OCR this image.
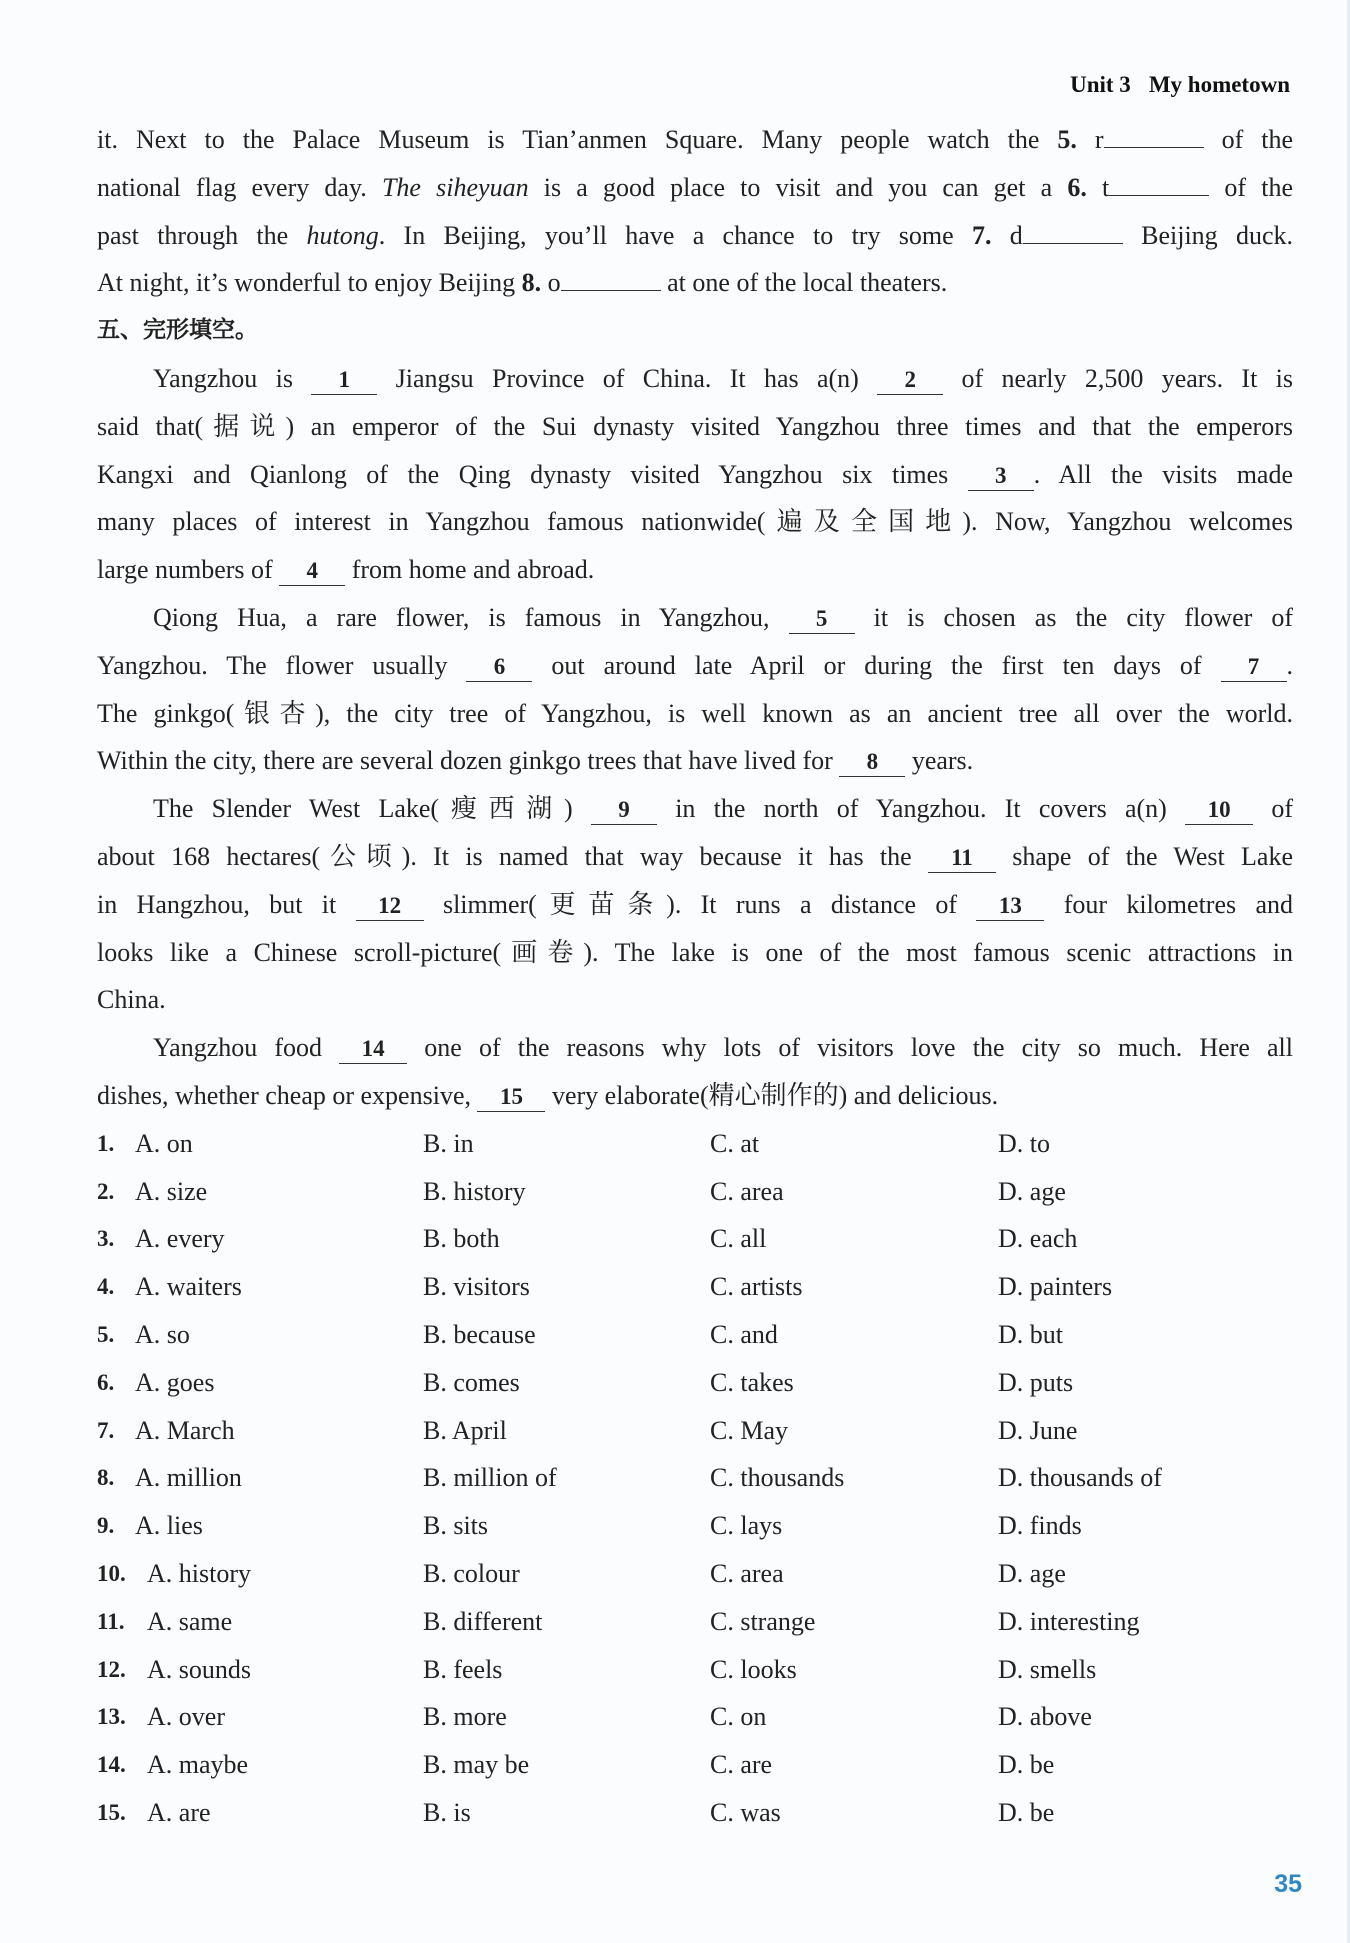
Unit 3 My hometown
it. Next to the Palace Museum is Tian’anmen Square. Many people watch the 5. r	of the
national flag every day. The siheyuan is a good place to visit and you can get a 6. t	of the
past through the hutong. In Beijing, you’ll have a chance to try some 7. d	Beijing duck.
At night, it’s wonderful to enjoy Beijing 8. o	at one of the local theaters.
五、完形填空。
Yangzhou is 1 Jiangsu Province of China. It has a(n) 2 of nearly 2,500 years. It is
said that(据说) an emperor of the Sui dynasty visited Yangzhou three times and that the emperors
Kangxi and Qianlong of the Qing dynasty visited Yangzhou six times 3 . All the visits made
many places of interest in Yangzhou famous nationwide(遍及全国地). Now, Yangzhou welcomes
large numbers of 4 from home and abroad.
Qiong Hua, a rare flower, is famous in Yangzhou, 5 it is chosen as the city flower of
Yangzhou. The flower usually 6 out around late April or during the first ten days of 7 .
The ginkgo(银杏), the city tree of Yangzhou, is well known as an ancient tree all over the world.
Within the city, there are several dozen ginkgo trees that have lived for 8 years.
The Slender West Lake(瘦西湖) 9 in the north of Yangzhou. It covers a(n) 10 of
about 168 hectares(公顷). It is named that way because it has the 11 shape of the West Lake
in Hangzhou, but it 12 slimmer(更苗条). It runs a distance of 13 four kilometres and
looks like a Chinese scroll-picture(画卷). The lake is one of the most famous scenic attractions in
China.
Yangzhou food 14 one of the reasons why lots of visitors love the city so much. Here all
dishes, whether cheap or expensive, 15 very elaborate(精心制作的) and delicious.
1. A. on	B. in	C. at	D. to
2. A. size	B. history	C. area	D. age
3. A. every	B. both	C. all	D. each
4. A. waiters	B. visitors	C. artists	D. painters
5. A. so	B. because	C. and	D. but
6. A. goes	B. comes	C. takes	D. puts
7. A. March	B. April	C. May	D. June
8. A. million	B. million of	C. thousands	D. thousands of
9. A. lies	B. sits	C. lays	D. finds
10. A. history	B. colour	C. area	D. age
11. A. same	B. different	C. strange	D. interesting
12. A. sounds	B. feels	C. looks	D. smells
13. A. over	B. more	C. on	D. above
14. A. maybe	B. may be	C. are	D. be
15. A. are	B. is	C. was	D. be
35
